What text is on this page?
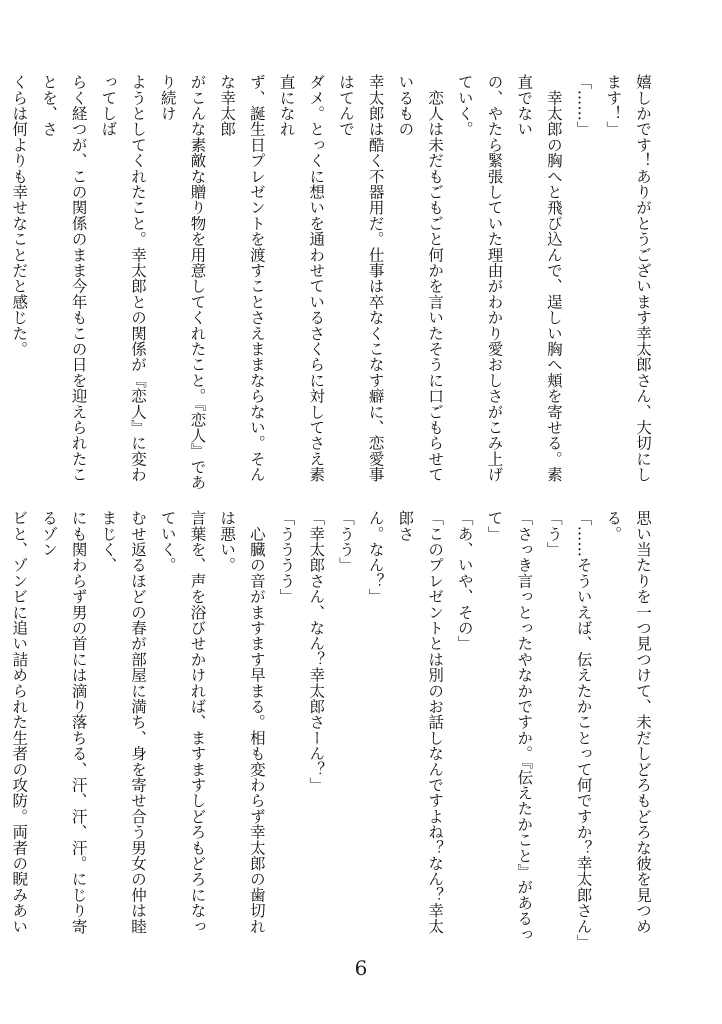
嬉しかです！ありがとうございます幸太郎さん、大切にします！」
「……」
　幸太郎の胸へと飛び込んで、逞しい胸へ頬を寄せる。素直でない
の、やたら緊張していた理由がわかり愛おしさがこみ上げていく。
　恋人は未だもごもごと何かを言いたそうに口ごもらせているもの
幸太郎は酷く不器用だ。仕事は卒なくこなす癖に、恋愛事はてんで
ダメ。とっくに想いを通わせているさくらに対してさえ素直になれ
ず、誕生日プレゼントを渡すことさえままならない。そんな幸太郎
がこんな素敵な贈り物を用意してくれたこと。『恋人』であり続け
ようとしてくれたこと。幸太郎との関係が『恋人』に変わってしば
らく経つが、この関係のまま今年もこの日を迎えられたことを、さ
くらは何よりも幸せなことだと感じた。
思い当たりを一つ見つけて、未だしどろもどろな彼を見つめる。
「……そういえば、伝えたかことって何ですか？幸太郎さん」
「う」
「さっき言っとったやなかですか。『伝えたかこと』があるって」
「あ、いや、その」
「このプレゼントとは別のお話しなんですよね？なん？幸太郎さ
ん。なん？」
「うう」
「幸太郎さん、なん？幸太郎さーん？」
「うううう」
　心臓の音がますます早まる。相も変わらず幸太郎の歯切れは悪い。
言葉を、声を浴びせかければ、ますますしどろもどろになっていく。
むせ返るほどの春が部屋に満ち、身を寄せ合う男女の仲は睦まじく、
にも関わらず男の首には滴り落ちる、汗、汗、汗。にじり寄るゾン
ビと、ゾンビに追い詰められた生者の攻防。両者の睨みあい
6
